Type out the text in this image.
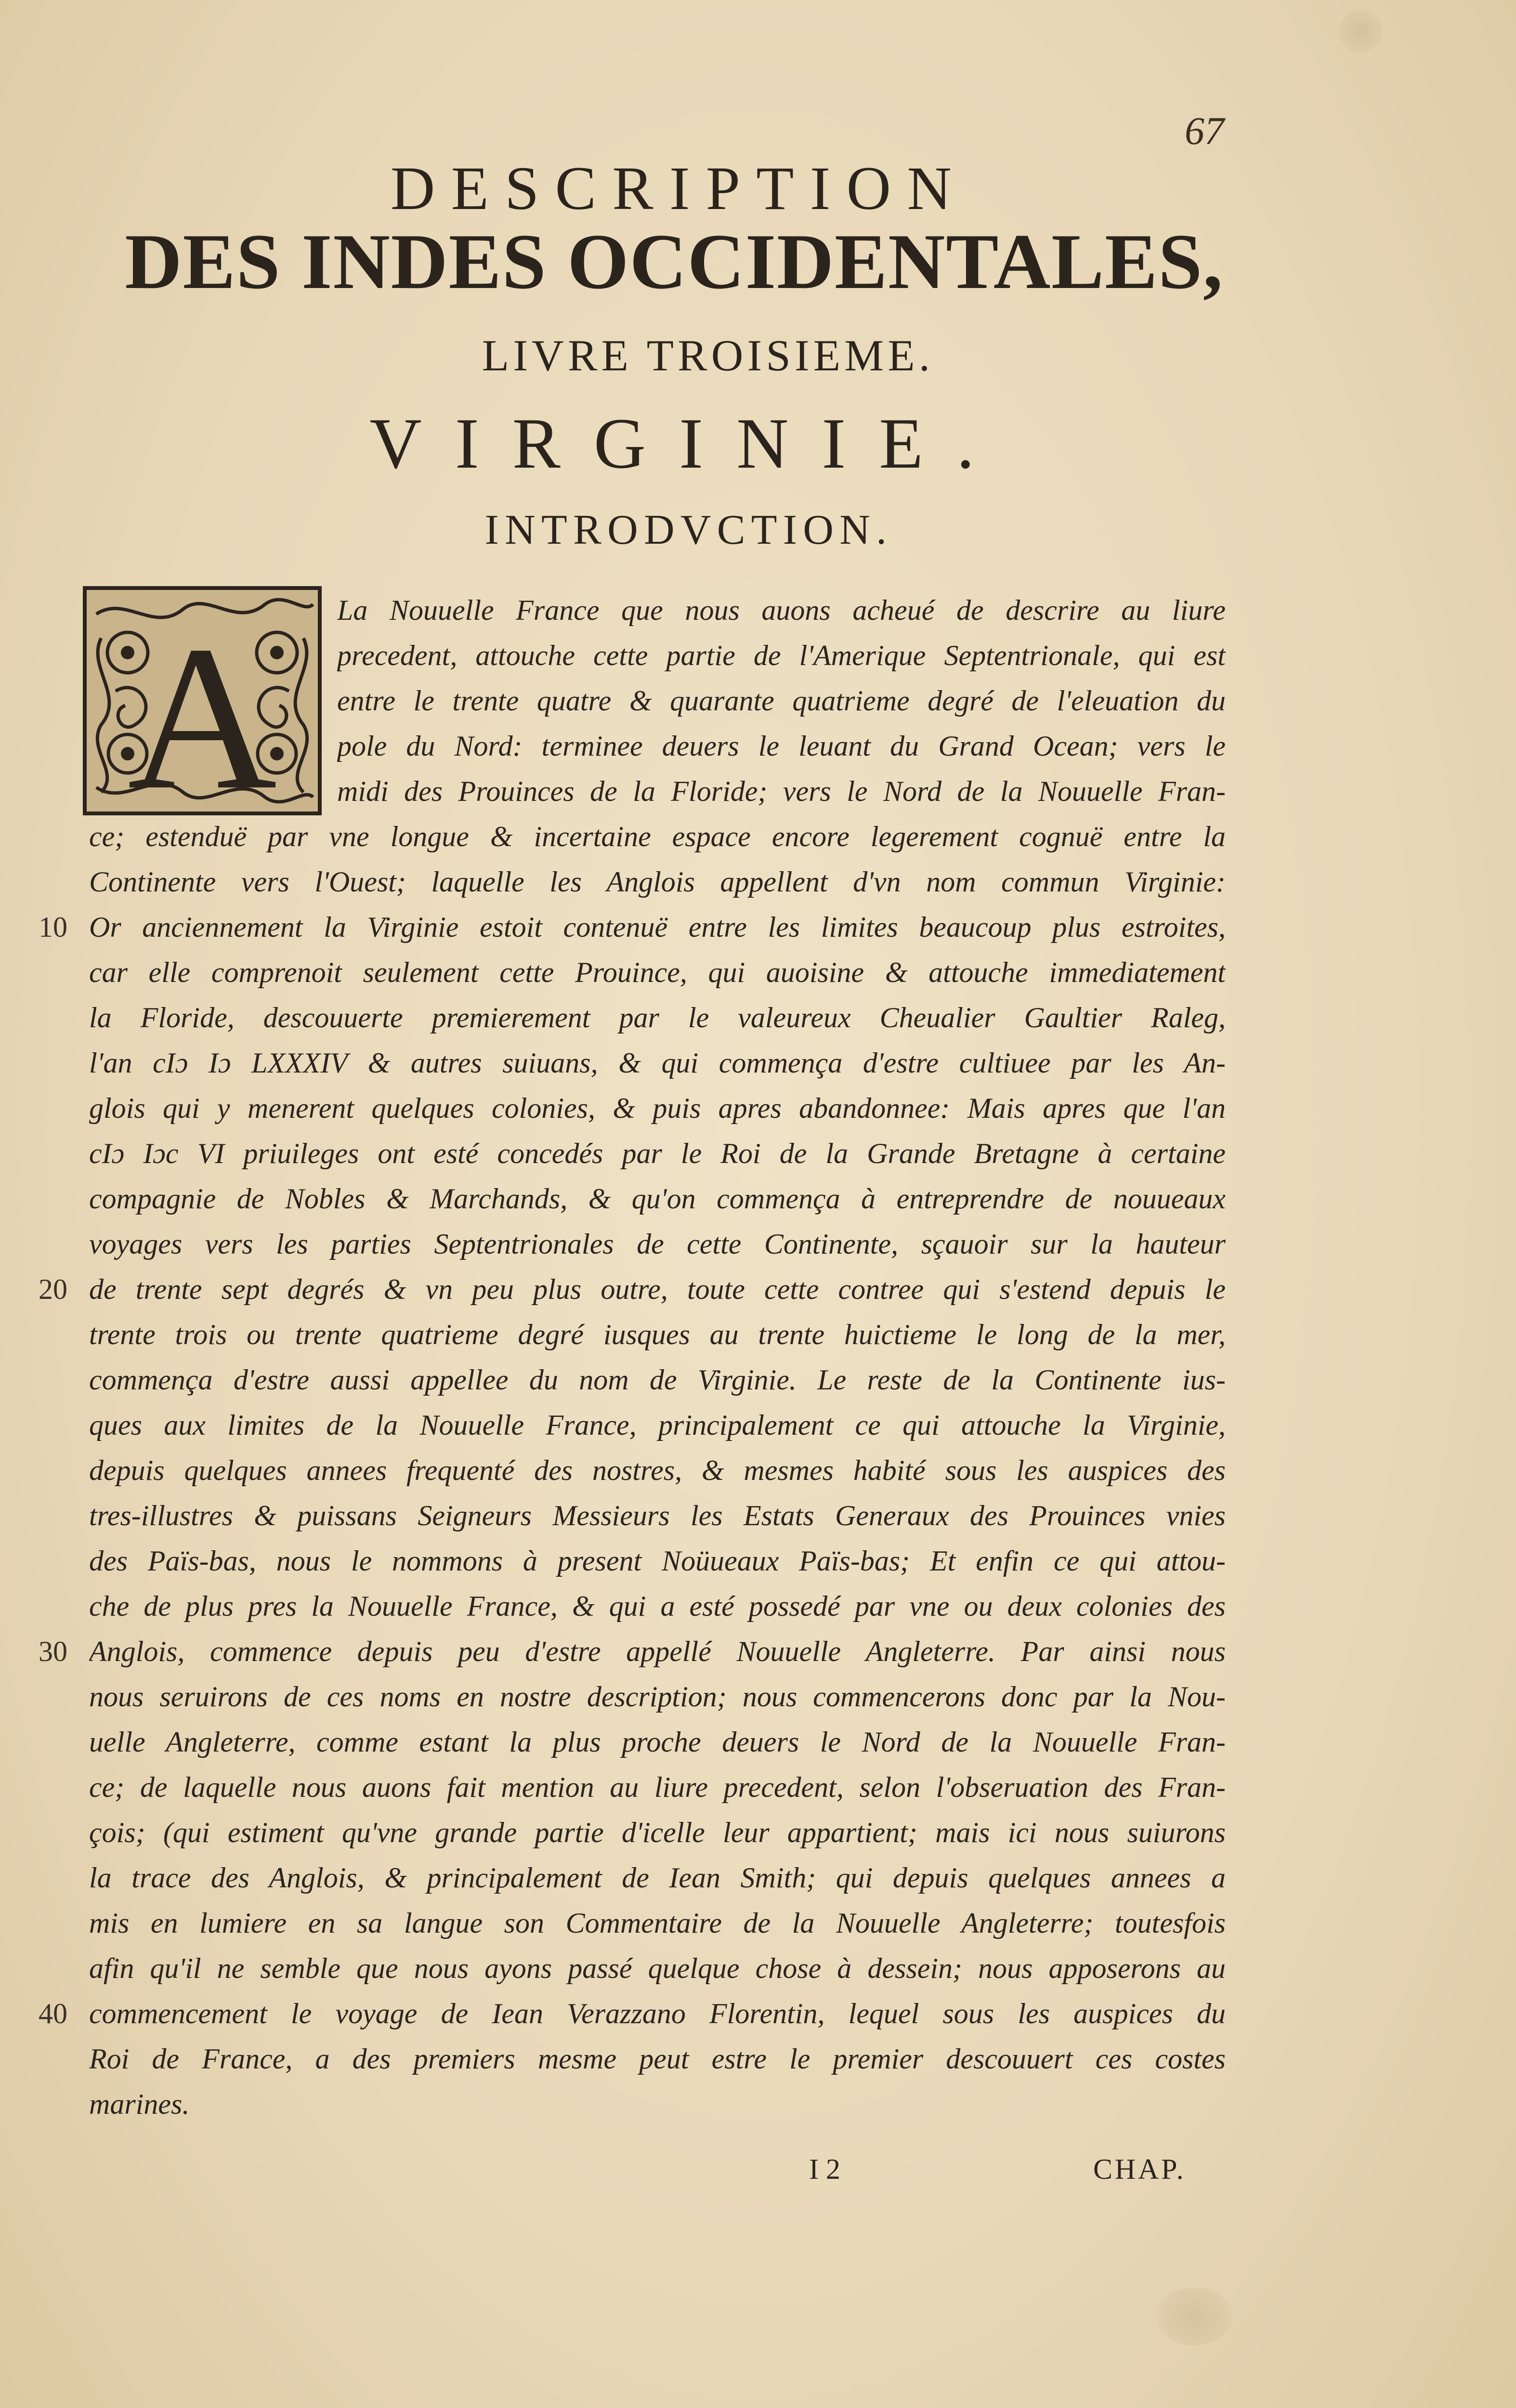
67
DESCRIPTION
DES INDES OCCIDENTALES,
LIVRE TROISIEME.
VIRGINIE.
INTRODVCTION.
A La Nouuelle France que nous auons acheué de descrire au liure
precedent, attouche cette partie de l'Amerique Septentrionale, qui est
entre le trente quatre & quarante quatrieme degré de l'eleuation du
pole du Nord: terminee deuers le leuant du Grand Ocean; vers le
midi des Prouinces de la Floride; vers le Nord de la Nouuelle Fran-
ce; estenduë par vne longue & incertaine espace encore legerement cognuë entre la
Continente vers l'Ouest; laquelle les Anglois appellent d'vn nom commun Virginie:
Or anciennement la Virginie estoit contenuë entre les limites beaucoup plus estroites,
car elle comprenoit seulement cette Prouince, qui auoisine & attouche immediatement
la Floride, descouuerte premierement par le valeureux Cheualier Gaultier Raleg,
l'an cIɔ Iɔ LXXXIV & autres suiuans, & qui commença d'estre cultiuee par les An-
glois qui y menerent quelques colonies, & puis apres abandonnee: Mais apres que l'an
cIɔ Iɔc VI priuileges ont esté concedés par le Roi de la Grande Bretagne à certaine
compagnie de Nobles & Marchands, & qu'on commença à entreprendre de nouueaux
voyages vers les parties Septentrionales de cette Continente, sçauoir sur la hauteur
de trente sept degrés & vn peu plus outre, toute cette contree qui s'estend depuis le
trente trois ou trente quatrieme degré iusques au trente huictieme le long de la mer,
commença d'estre aussi appellee du nom de Virginie. Le reste de la Continente ius-
ques aux limites de la Nouuelle France, principalement ce qui attouche la Virginie,
depuis quelques annees frequenté des nostres, & mesmes habité sous les auspices des
tres-illustres & puissans Seigneurs Messieurs les Estats Generaux des Prouinces vnies
des Païs-bas, nous le nommons à present Noüueaux Païs-bas; Et enfin ce qui attou-
che de plus pres la Nouuelle France, & qui a esté possedé par vne ou deux colonies des
Anglois, commence depuis peu d'estre appellé Nouuelle Angleterre. Par ainsi nous
nous seruirons de ces noms en nostre description; nous commencerons donc par la Nou-
uelle Angleterre, comme estant la plus proche deuers le Nord de la Nouuelle Fran-
ce; de laquelle nous auons fait mention au liure precedent, selon l'obseruation des Fran-
çois; (qui estiment qu'vne grande partie d'icelle leur appartient; mais ici nous suiurons
la trace des Anglois, & principalement de Iean Smith; qui depuis quelques annees a
mis en lumiere en sa langue son Commentaire de la Nouuelle Angleterre; toutesfois
afin qu'il ne semble que nous ayons passé quelque chose à dessein; nous apposerons au
commencement le voyage de Iean Verazzano Florentin, lequel sous les auspices du
Roi de France, a des premiers mesme peut estre le premier descouuert ces costes
marines.
10
20
30
40
I 2	CHAP.
